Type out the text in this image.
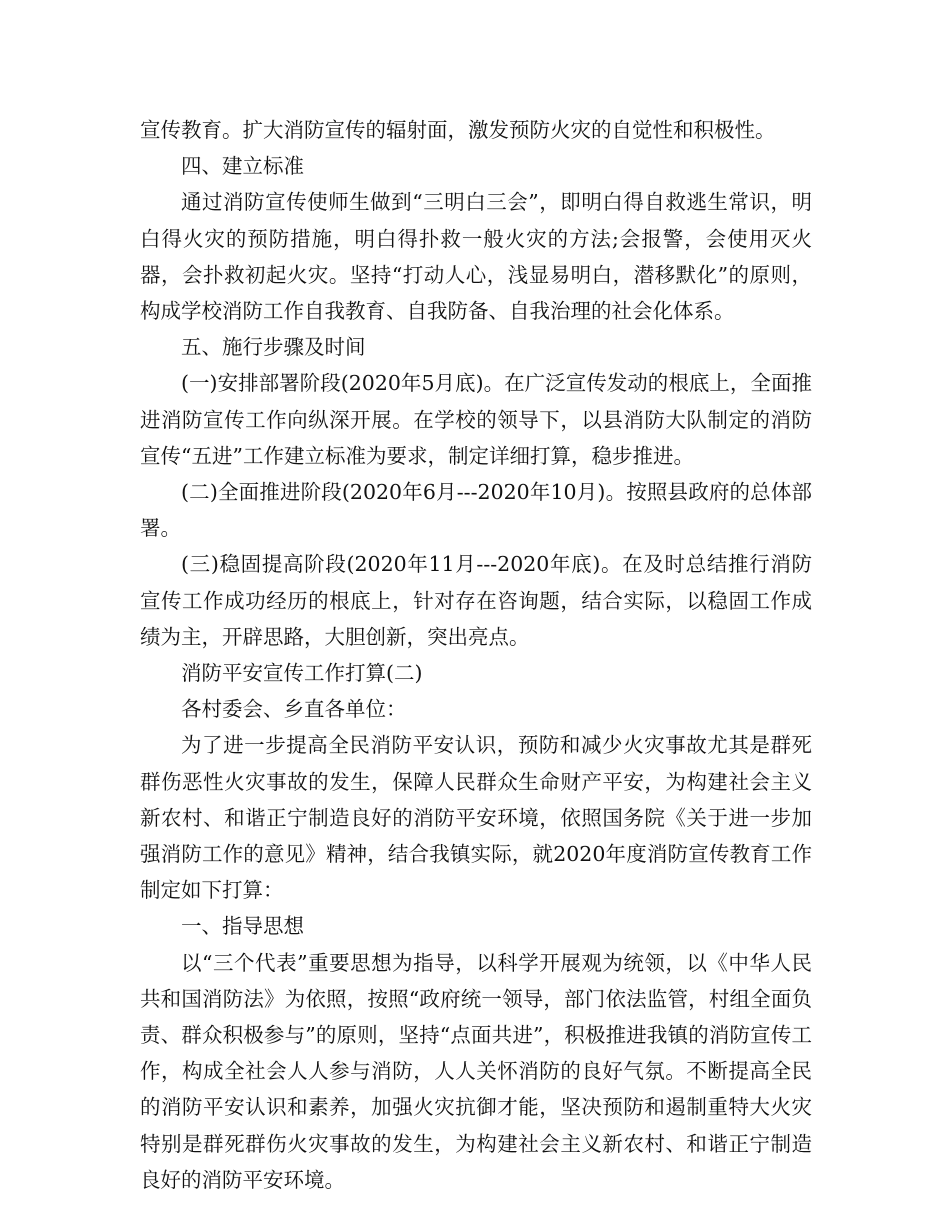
宣传教育。扩大消防宣传的辐射面，激发预防火灾的自觉性和积极性。

四、建立标准

通过消防宣传使师生做到“三明白三会”，即明白得自救逃生常识，明白得火灾的预防措施，明白得扑救一般火灾的方法;会报警，会使用灭火器，会扑救初起火灾。坚持“打动人心，浅显易明白，潜移默化”的原则，构成学校消防工作自我教育、自我防备、自我治理的社会化体系。

五、施行步骤及时间

(一)安排部署阶段(2020年5月底)。在广泛宣传发动的根底上，全面推进消防宣传工作向纵深开展。在学校的领导下，以县消防大队制定的消防宣传“五进”工作建立标准为要求，制定详细打算，稳步推进。

(二)全面推进阶段(2020年6月---2020年10月)。按照县政府的总体部署。

(三)稳固提高阶段(2020年11月---2020年底)。在及时总结推行消防宣传工作成功经历的根底上，针对存在咨询题，结合实际，以稳固工作成绩为主，开辟思路，大胆创新，突出亮点。

消防平安宣传工作打算(二)

各村委会、乡直各单位：

为了进一步提高全民消防平安认识，预防和减少火灾事故尤其是群死群伤恶性火灾事故的发生，保障人民群众生命财产平安，为构建社会主义新农村、和谐正宁制造良好的消防平安环境，依照国务院《关于进一步加强消防工作的意见》精神，结合我镇实际，就2020年度消防宣传教育工作制定如下打算：

一、指导思想

以“三个代表”重要思想为指导，以科学开展观为统领，以《中华人民共和国消防法》为依照，按照“政府统一领导，部门依法监管，村组全面负责、群众积极参与”的原则，坚持“点面共进”，积极推进我镇的消防宣传工作，构成全社会人人参与消防，人人关怀消防的良好气氛。不断提高全民的消防平安认识和素养，加强火灾抗御才能，坚决预防和遏制重特大火灾特别是群死群伤火灾事故的发生，为构建社会主义新农村、和谐正宁制造良好的消防平安环境。
